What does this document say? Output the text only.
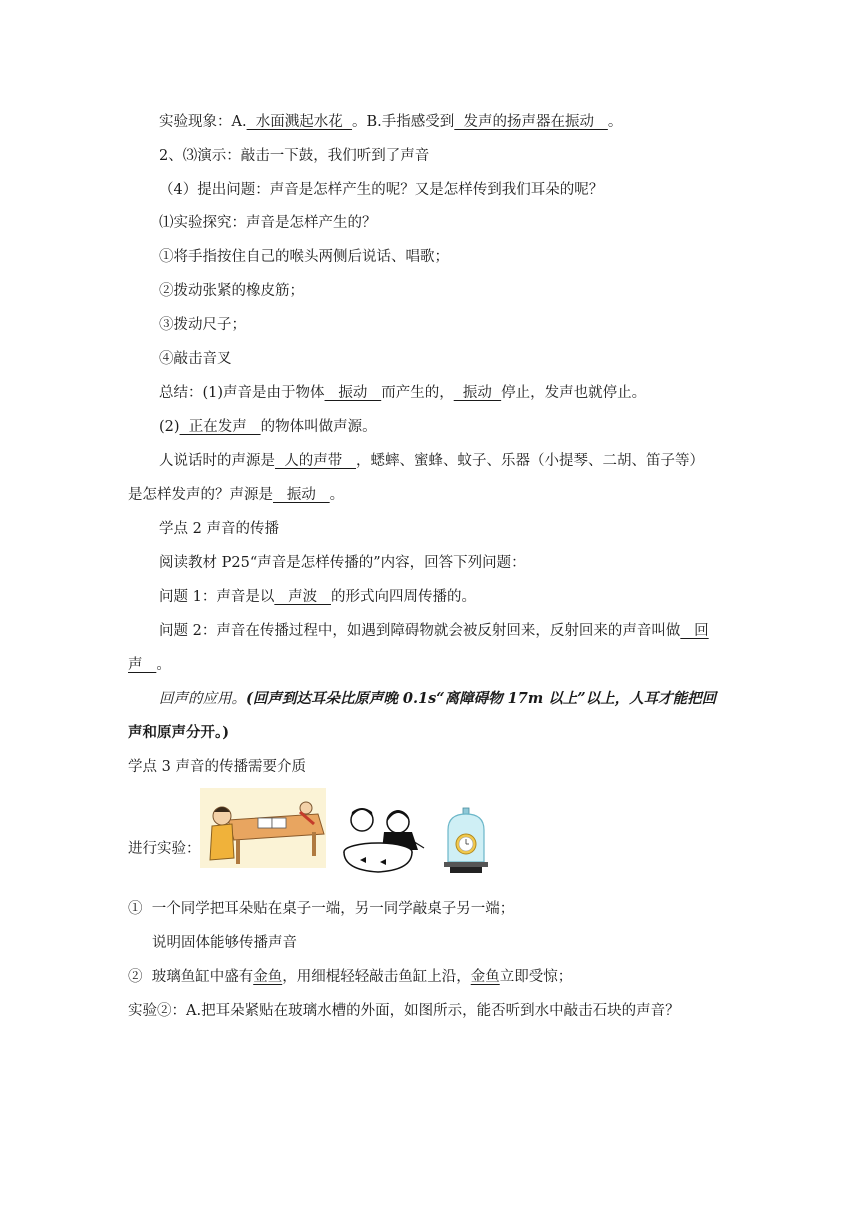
实验现象：A.  水面溅起水花  。B.手指感受到  发声的扬声器在振动   。
2、⑶演示：敲击一下鼓，我们听到了声音
（4）提出问题：声音是怎样产生的呢？又是怎样传到我们耳朵的呢？
⑴实验探究：声音是怎样产生的？
①将手指按住自己的喉头两侧后说话、唱歌；
②拨动张紧的橡皮筋；
③拨动尺子；
④敲击音叉
总结：(1)声音是由于物体   振动   而产生的，  振动  停止，发声也就停止。
(2)  正在发声   的物体叫做声源。
人说话时的声源是  人的声带   ，蟋蟀、蜜蜂、蚊子、乐器（小提琴、二胡、笛子等）
是怎样发声的？声源是   振动   。
学点 2 声音的传播
阅读教材 P25“声音是怎样传播的”内容，回答下列问题：
问题 1：声音是以   声波   的形式向四周传播的。
问题 2：声音在传播过程中，如遇到障碍物就会被反射回来，反射回来的声音叫做   回
声 。
回声的应用。(回声到达耳朵比原声晚 0.1s“离障碍物 17m 以上”以上，人耳才能把回
声和原声分开。)
学点 3 声音的传播需要介质
进行实验：
① 一个同学把耳朵贴在桌子一端，另一同学敲桌子另一端；
说明固体能够传播声音
② 玻璃鱼缸中盛有金鱼，用细棍轻轻敲击鱼缸上沿，金鱼立即受惊；
实验②：A.把耳朵紧贴在玻璃水槽的外面，如图所示，能否听到水中敲击石块的声音？
